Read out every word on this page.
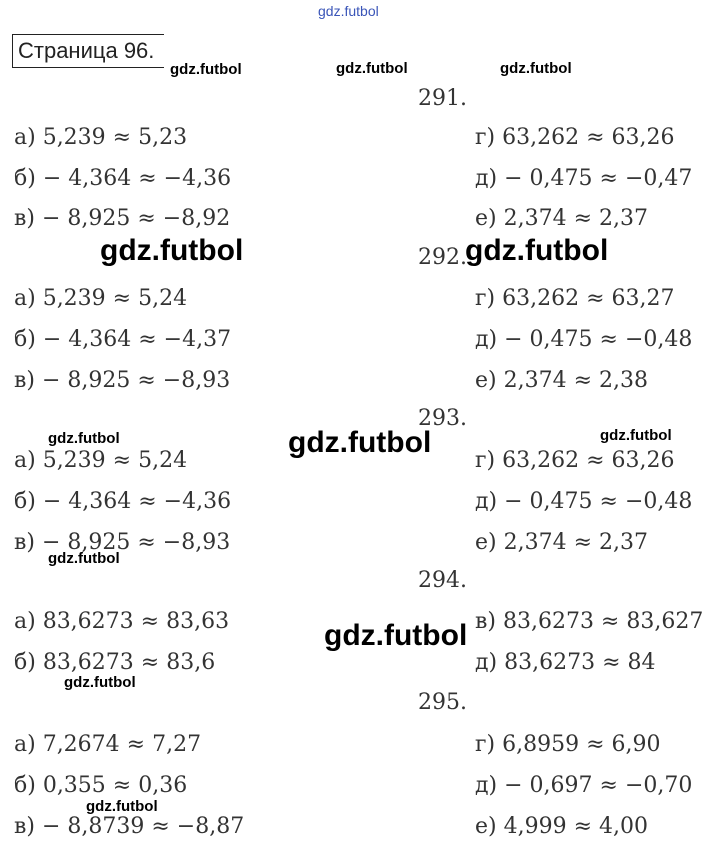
gdz.futbol
Страница 96.
291.
а) 5,239 ≈ 5,23
б) − 4,364 ≈ −4,36
в) − 8,925 ≈ −8,92
г) 63,262 ≈ 63,26
д) − 0,475 ≈ −0,47
е) 2,374 ≈ 2,37
292.
а) 5,239 ≈ 5,24
б) − 4,364 ≈ −4,37
в) − 8,925 ≈ −8,93
г) 63,262 ≈ 63,27
д) − 0,475 ≈ −0,48
е) 2,374 ≈ 2,38
293.
а) 5,239 ≈ 5,24
б) − 4,364 ≈ −4,36
в) − 8,925 ≈ −8,93
г) 63,262 ≈ 63,26
д) − 0,475 ≈ −0,48
е) 2,374 ≈ 2,37
294.
а) 83,6273 ≈ 83,63
б) 83,6273 ≈ 83,6
в) 83,6273 ≈ 83,627
д) 83,6273 ≈ 84
295.
а) 7,2674 ≈ 7,27
б) 0,355 ≈ 0,36
в) − 8,8739 ≈ −8,87
г) 6,8959 ≈ 6,90
д) − 0,697 ≈ −0,70
е) 4,999 ≈ 4,00
gdz.futbol	gdz.futbol	gdz.futbol
gdz.futbol	gdz.futbol
gdz.futbol	gdz.futbol	gdz.futbol
gdz.futbol
gdz.futbol
gdz.futbol
gdz.futbol
